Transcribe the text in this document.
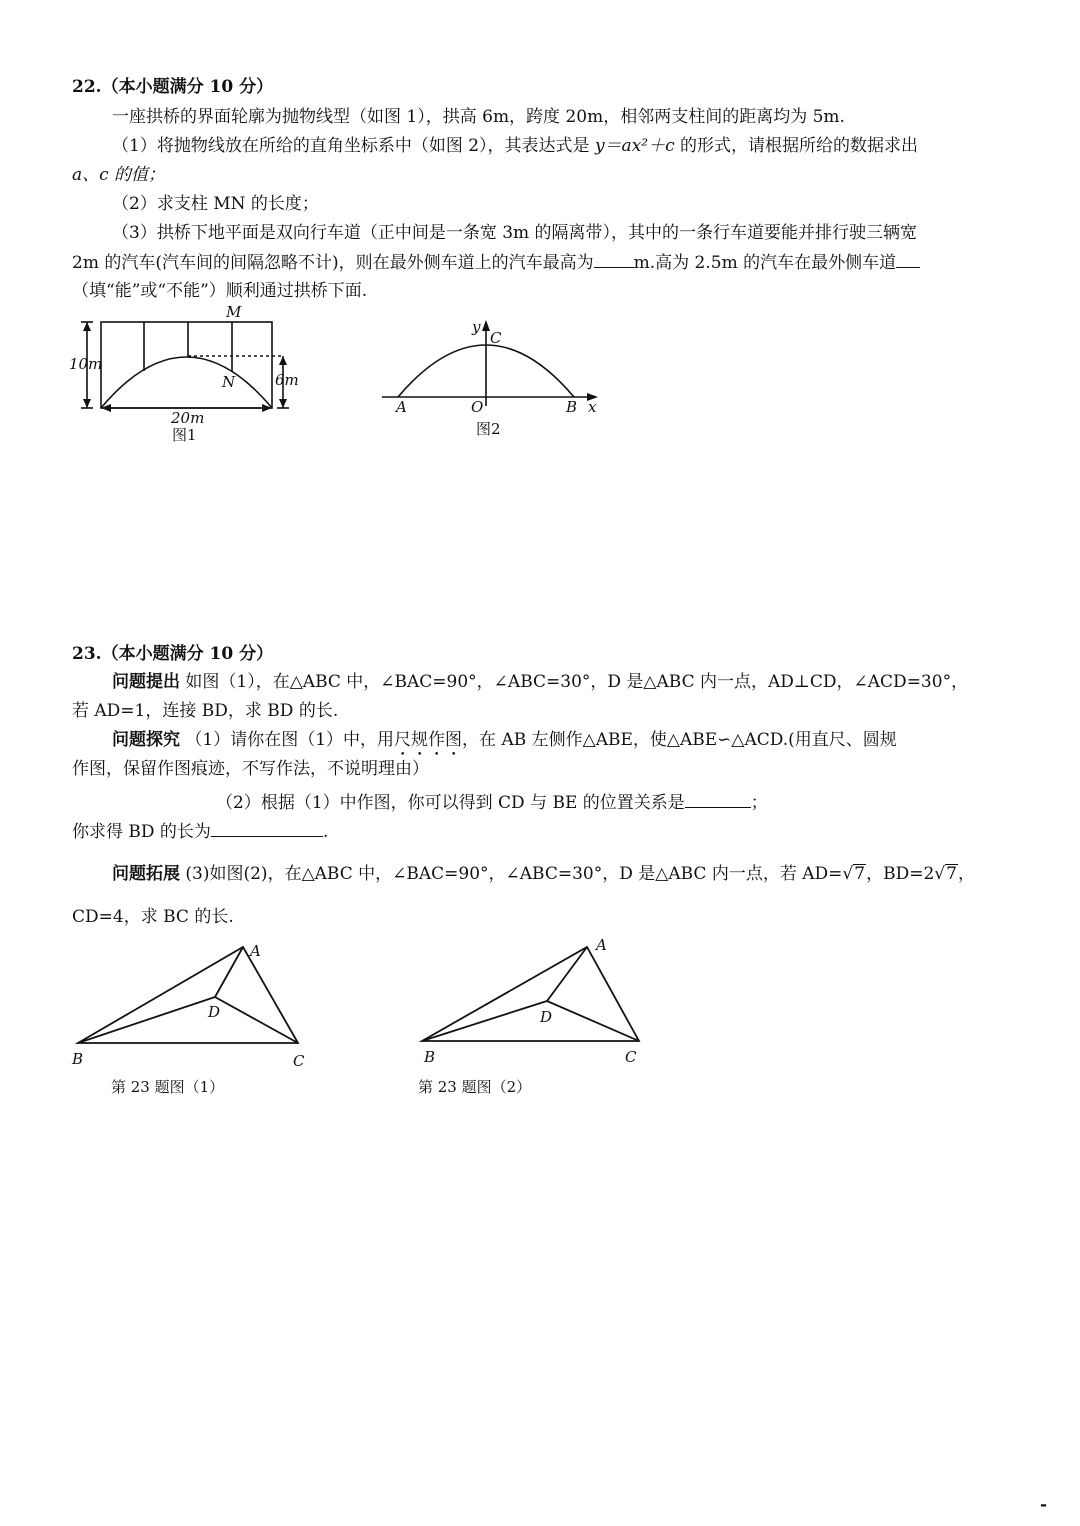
22.（本小题满分 10 分）
一座拱桥的界面轮廓为抛物线型（如图 1），拱高 6m，跨度 20m，相邻两支柱间的距离均为 5m.
（1）将抛物线放在所给的直角坐标系中（如图 2），其表达式是 y＝ax²＋c 的形式，请根据所给的数据求出
a、c 的值；
（2）求支柱 MN 的长度；
（3）拱桥下地平面是双向行车道（正中间是一条宽 3m 的隔离带），其中的一条行车道要能并排行驶三辆宽
2m 的汽车(汽车间的间隔忽略不计)，则在最外侧车道上的汽车最高为 m.高为 2.5m 的汽车在最外侧车道
（填“能”或“不能”）顺利通过拱桥下面.
M
N
10m
6m
20m
图1
y
C
A	O	B x
图2
23.（本小题满分 10 分）
问题提出 如图（1），在△ABC 中，∠BAC=90°，∠ABC=30°，D 是△ABC 内一点，AD⊥CD，∠ACD=30°，
若 AD=1，连接 BD，求 BD 的长.
问题探究 （1）请你在图（1）中，用尺规作图，在 AB 左侧作△ABE，使△ABE∽△ACD.(用直尺、圆规
作图，保留作图痕迹，不写作法，不说明理由）
（2）根据（1）中作图，你可以得到 CD 与 BE 的位置关系是	；
你求得 BD 的长为	.
问题拓展 (3)如图(2)，在△ABC 中，∠BAC=90°，∠ABC=30°，D 是△ABC 内一点，若 AD=√7，BD=2√7，
CD=4，求 BC 的长.
A
B	C
D
第 23 题图（1）
A
B	C
D
第 23 题图（2）
-
